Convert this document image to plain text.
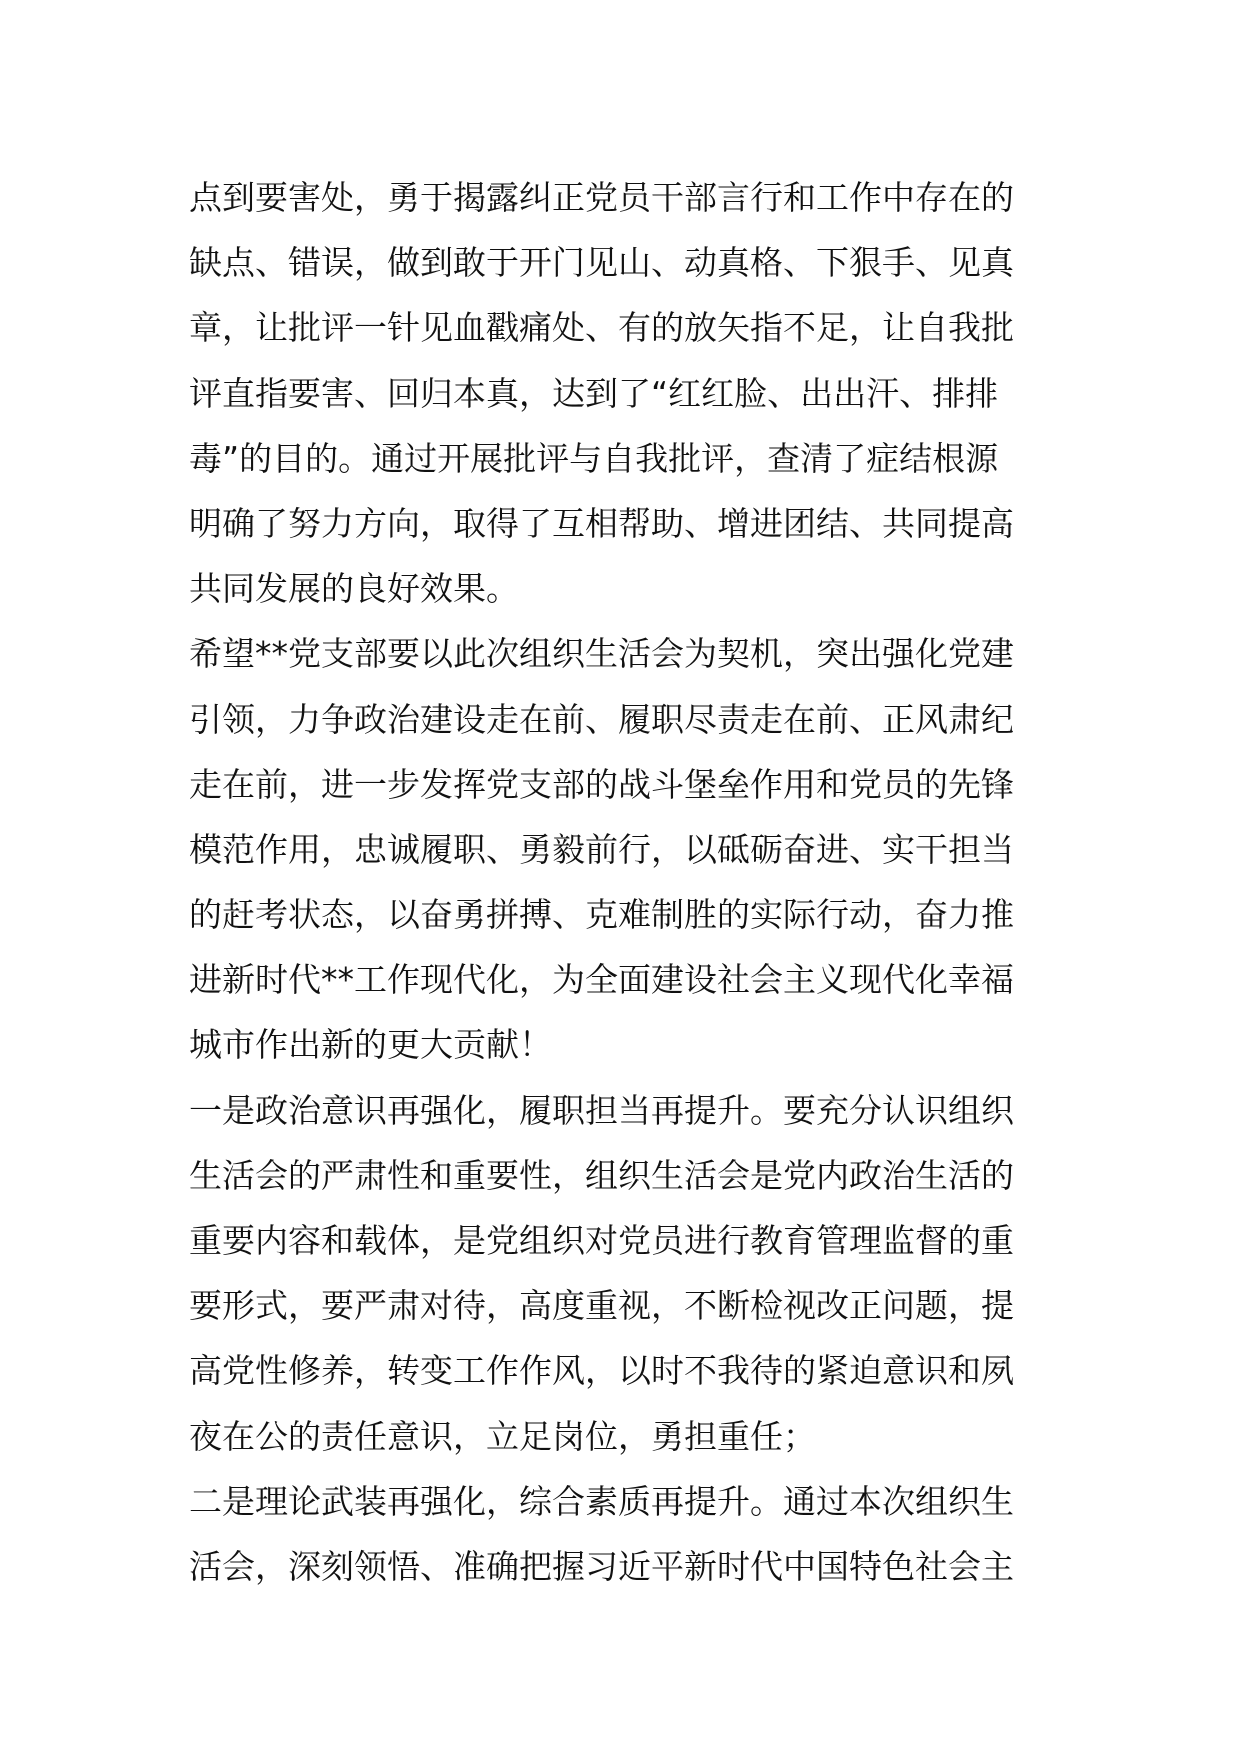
点到要害处，勇于揭露纠正党员干部言行和工作中存在的
缺点、错误，做到敢于开门见山、动真格、下狠手、见真
章，让批评一针见血戳痛处、有的放矢指不足，让自我批
评直指要害、回归本真，达到了“红红脸、出出汗、排排
毒”的目的。通过开展批评与自我批评，查清了症结根源
明确了努力方向，取得了互相帮助、增进团结、共同提高
共同发展的良好效果。
希望**党支部要以此次组织生活会为契机，突出强化党建
引领，力争政治建设走在前、履职尽责走在前、正风肃纪
走在前，进一步发挥党支部的战斗堡垒作用和党员的先锋
模范作用，忠诚履职、勇毅前行，以砥砺奋进、实干担当
的赶考状态，以奋勇拼搏、克难制胜的实际行动，奋力推
进新时代**工作现代化，为全面建设社会主义现代化幸福
城市作出新的更大贡献！
一是政治意识再强化，履职担当再提升。要充分认识组织
生活会的严肃性和重要性，组织生活会是党内政治生活的
重要内容和载体，是党组织对党员进行教育管理监督的重
要形式，要严肃对待，高度重视，不断检视改正问题，提
高党性修养，转变工作作风，以时不我待的紧迫意识和夙
夜在公的责任意识，立足岗位，勇担重任；
二是理论武装再强化，综合素质再提升。通过本次组织生
活会，深刻领悟、准确把握习近平新时代中国特色社会主
